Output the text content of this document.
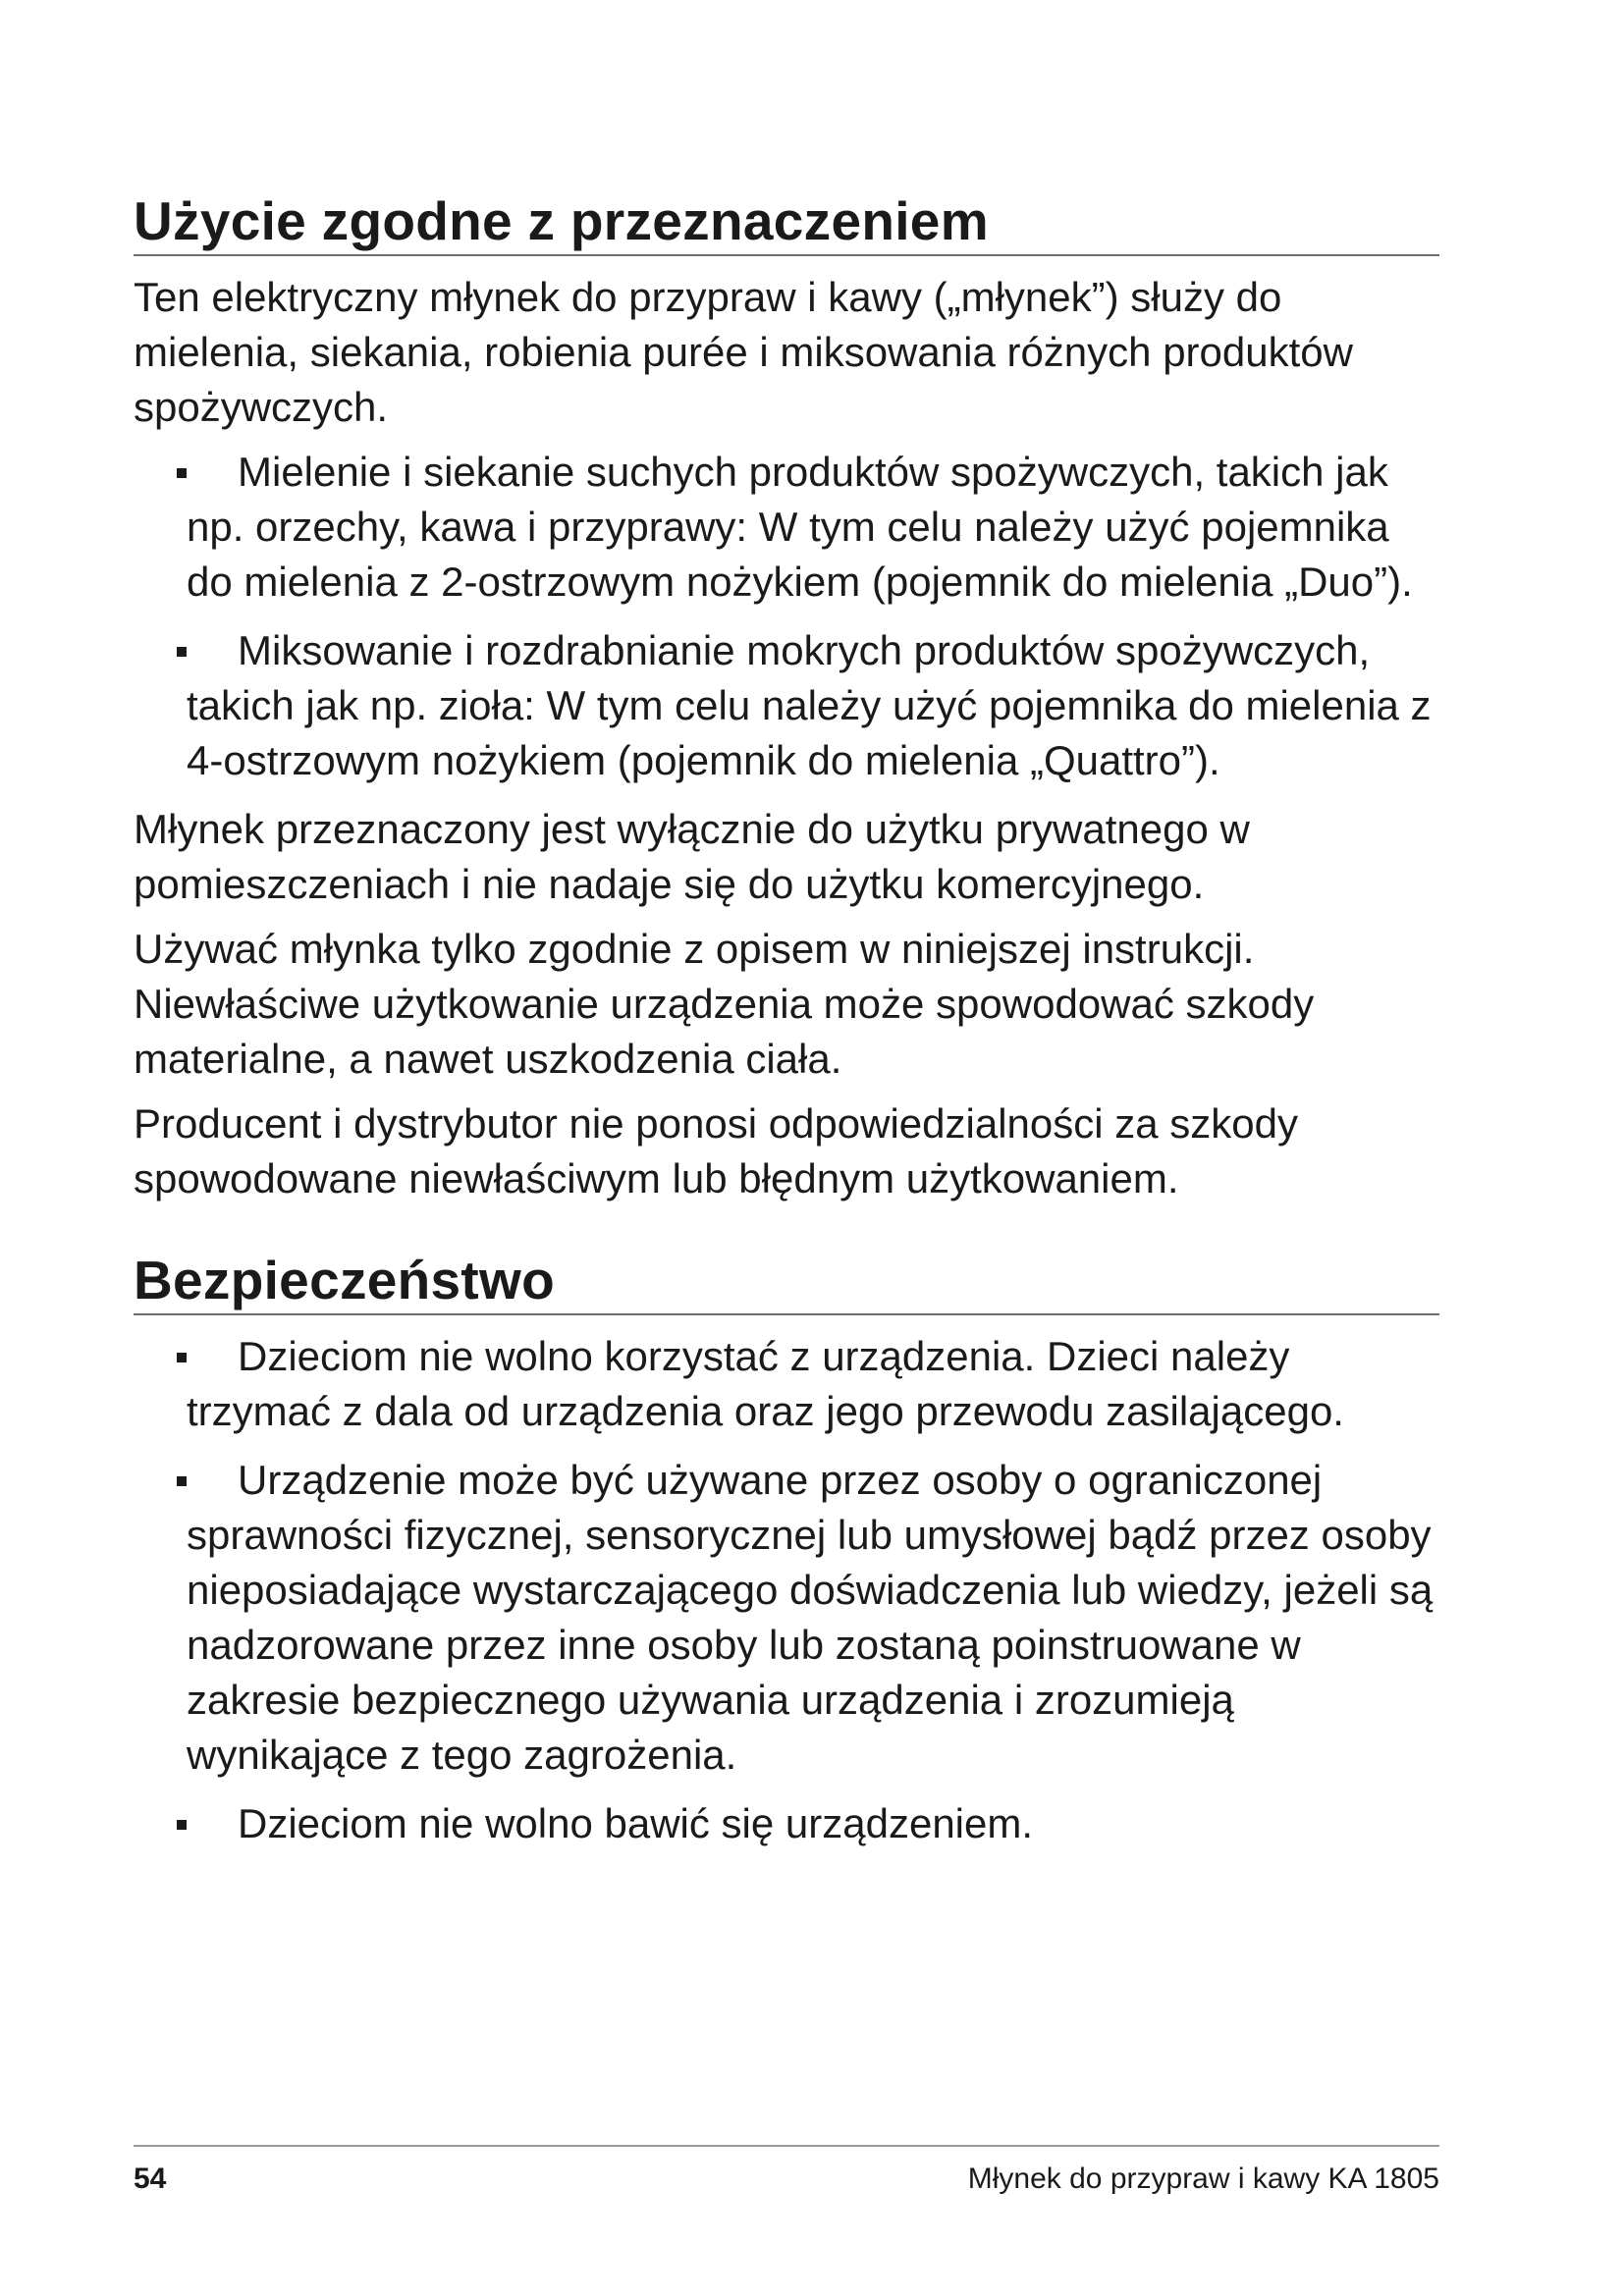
Użycie zgodne z przeznaczeniem

Ten elektryczny młynek do przypraw i kawy („młynek”) służy do mielenia, siekania, robienia purée i miksowania różnych produktów spożywczych.

Mielenie i siekanie suchych produktów spożywczych, takich jak np. orzechy, kawa i przyprawy: W tym celu należy użyć pojemnika do mielenia z 2-ostrzowym nożykiem (pojemnik do mielenia „Duo”).
Miksowanie i rozdrabnianie mokrych produktów spożywczych, takich jak np. zioła: W tym celu należy użyć pojemnika do mielenia z 4-ostrzowym nożykiem (pojemnik do mielenia „Quattro”).

Młynek przeznaczony jest wyłącznie do użytku prywatnego w pomieszczeniach i nie nadaje się do użytku komercyjnego.

Używać młynka tylko zgodnie z opisem w niniejszej instrukcji. Niewłaściwe użytkowanie urządzenia może spowodować szkody materialne, a nawet uszkodzenia ciała.

Producent i dystrybutor nie ponosi odpowiedzialności za szkody spowodowane niewłaściwym lub błędnym użytkowaniem.

Bezpieczeństwo
Dzieciom nie wolno korzystać z urządzenia. Dzieci należy trzymać z dala od urządzenia oraz jego przewodu zasilającego.
Urządzenie może być używane przez osoby o ograniczonej sprawności fizycznej, sensorycznej lub umysłowej bądź przez osoby nieposiadające wystarczającego doświadczenia lub wiedzy, jeżeli są nadzorowane przez inne osoby lub zostaną poinstruowane w zakresie bezpiecznego używania urządzenia i zrozumieją wynikające z tego zagrożenia.
Dzieciom nie wolno bawić się urządzeniem.
54	Młynek do przypraw i kawy KA 1805
